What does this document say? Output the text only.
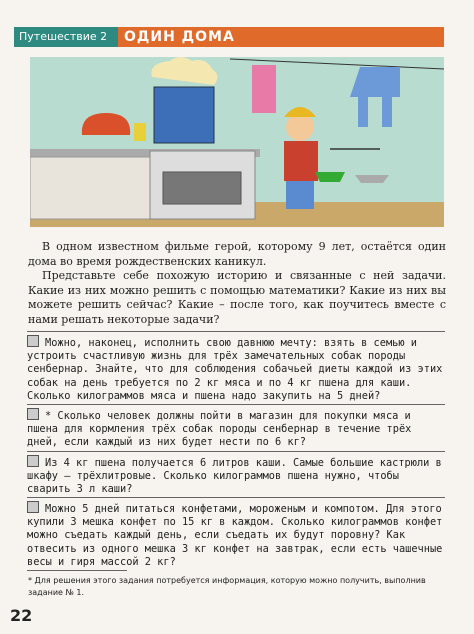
Путешествие 2	ОДИН ДОМА
В одном известном фильме герой, которому 9 лет, остаётся один дома во время рождественских каникул.
Представьте себе похожую историю и связанные с ней задачи. Какие из них можно решить с помощью математики? Какие из них вы можете решить сейчас? Какие – после того, как поучитесь вместе с нами решать некоторые задачи?
Можно, наконец, исполнить свою давнюю мечту: взять в семью и устроить счастливую жизнь для трёх замечательных собак породы сенбернар. Знайте, что для соблюдения собачьей диеты каждой из этих собак на день требуется по 2 кг мяса и по 4 кг пшена для каши. Сколько килограммов мяса и пшена надо закупить на 5 дней?
* Сколько человек должны пойти в магазин для покупки мяса и пшена для кормления трёх собак породы сенбернар в течение трёх дней, если каждый из них будет нести по 6 кг?
Из 4 кг пшена получается 6 литров каши. Самые большие кастрюли в шкафу – трёхлитровые. Сколько килограммов пшена нужно, чтобы сварить 3 л каши?
Можно 5 дней питаться конфетами, мороженым и компотом. Для этого купили 3 мешка конфет по 15 кг в каждом. Сколько килограммов конфет можно съедать каждый день, если съедать их будут поровну? Как отвесить из одного мешка 3 кг конфет на завтрак, если есть чашечные весы и гиря массой 2 кг?
* Для решения этого задания потребуется информация, которую можно получить, выполнив задание № 1.
22
